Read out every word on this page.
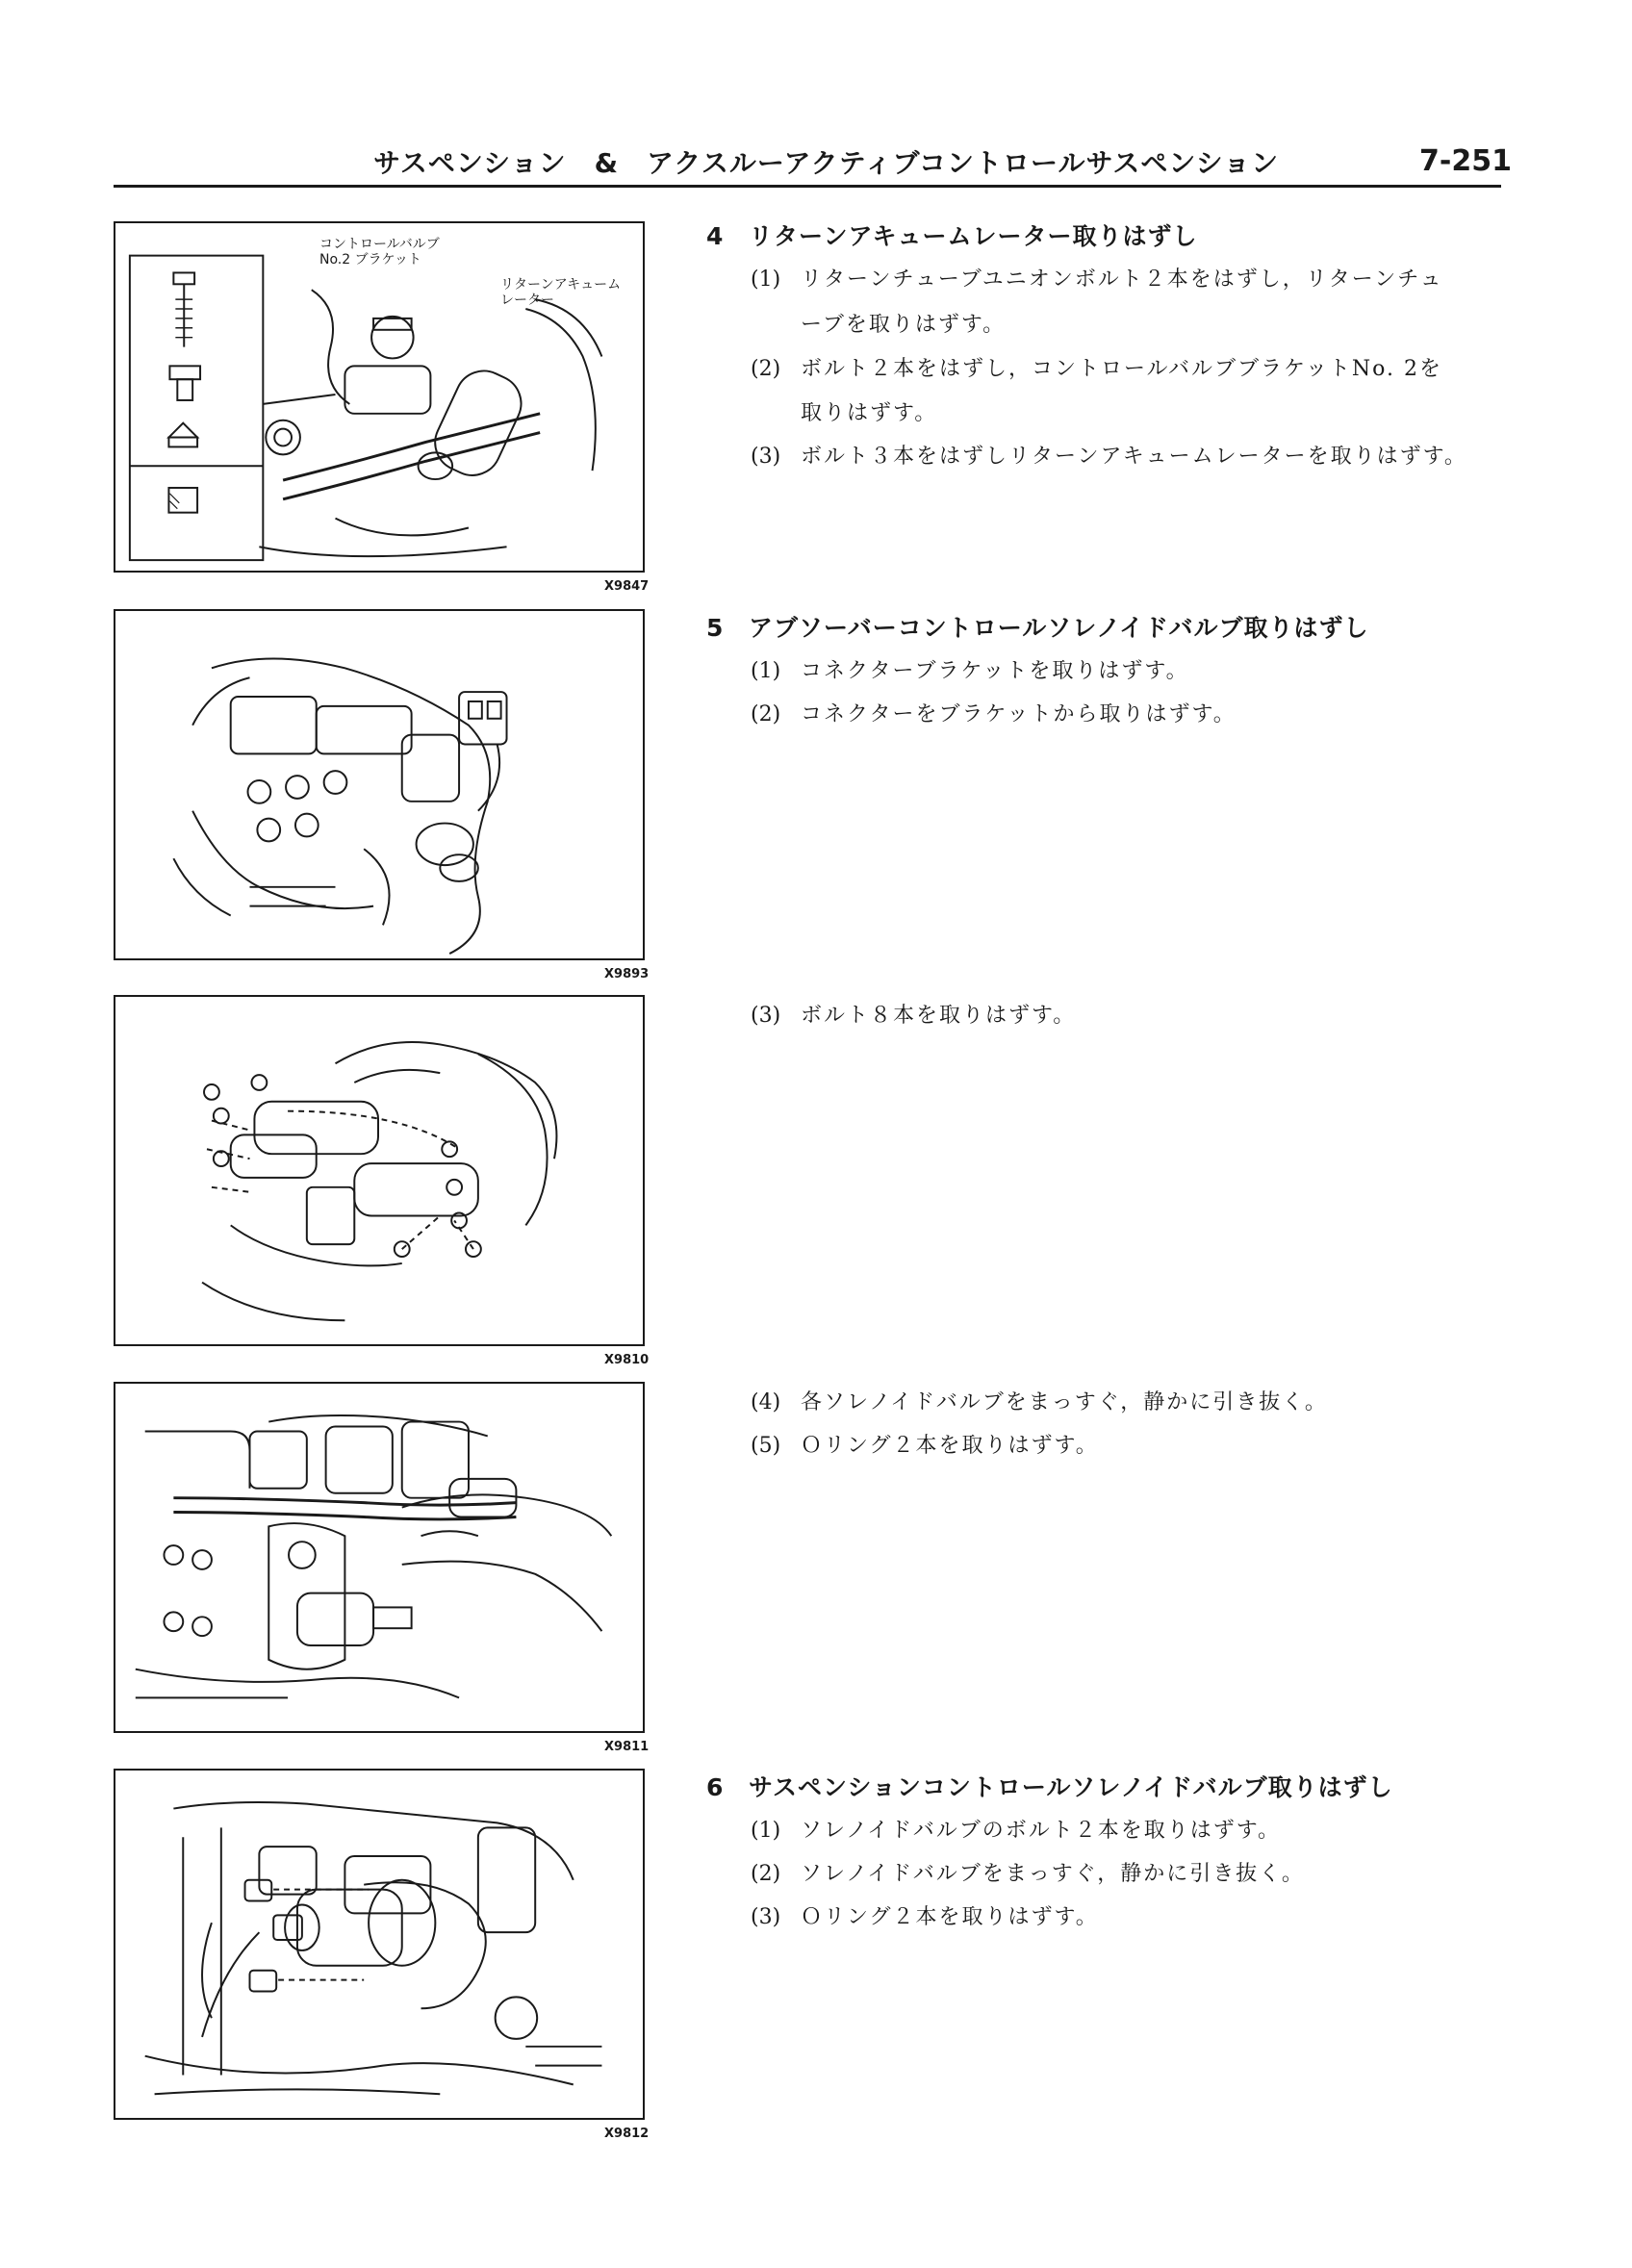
サスペンション　&　アクスルーアクティブコントロールサスペンション	7-251
コントロールバルブ
No.2 ブラケット
リターンアキューム
レーター
X9847
X9893
X9810
X9811
X9812
4 リターンアキュームレーター取りはずし
(1) リターンチューブユニオンボルト２本をはずし，リターンチュ
ーブを取りはずす。
(2) ボルト２本をはずし，コントロールバルブブラケットNo. 2を
取りはずす。
(3) ボルト３本をはずしリターンアキュームレーターを取りはずす。
5 アブソーバーコントロールソレノイドバルブ取りはずし
(1) コネクターブラケットを取りはずす。
(2) コネクターをブラケットから取りはずす。
(3) ボルト８本を取りはずす。
(4) 各ソレノイドバルブをまっすぐ，静かに引き抜く。
(5) Ｏリング２本を取りはずす。
6 サスペンションコントロールソレノイドバルブ取りはずし
(1) ソレノイドバルブのボルト２本を取りはずす。
(2) ソレノイドバルブをまっすぐ，静かに引き抜く。
(3) Ｏリング２本を取りはずす。
